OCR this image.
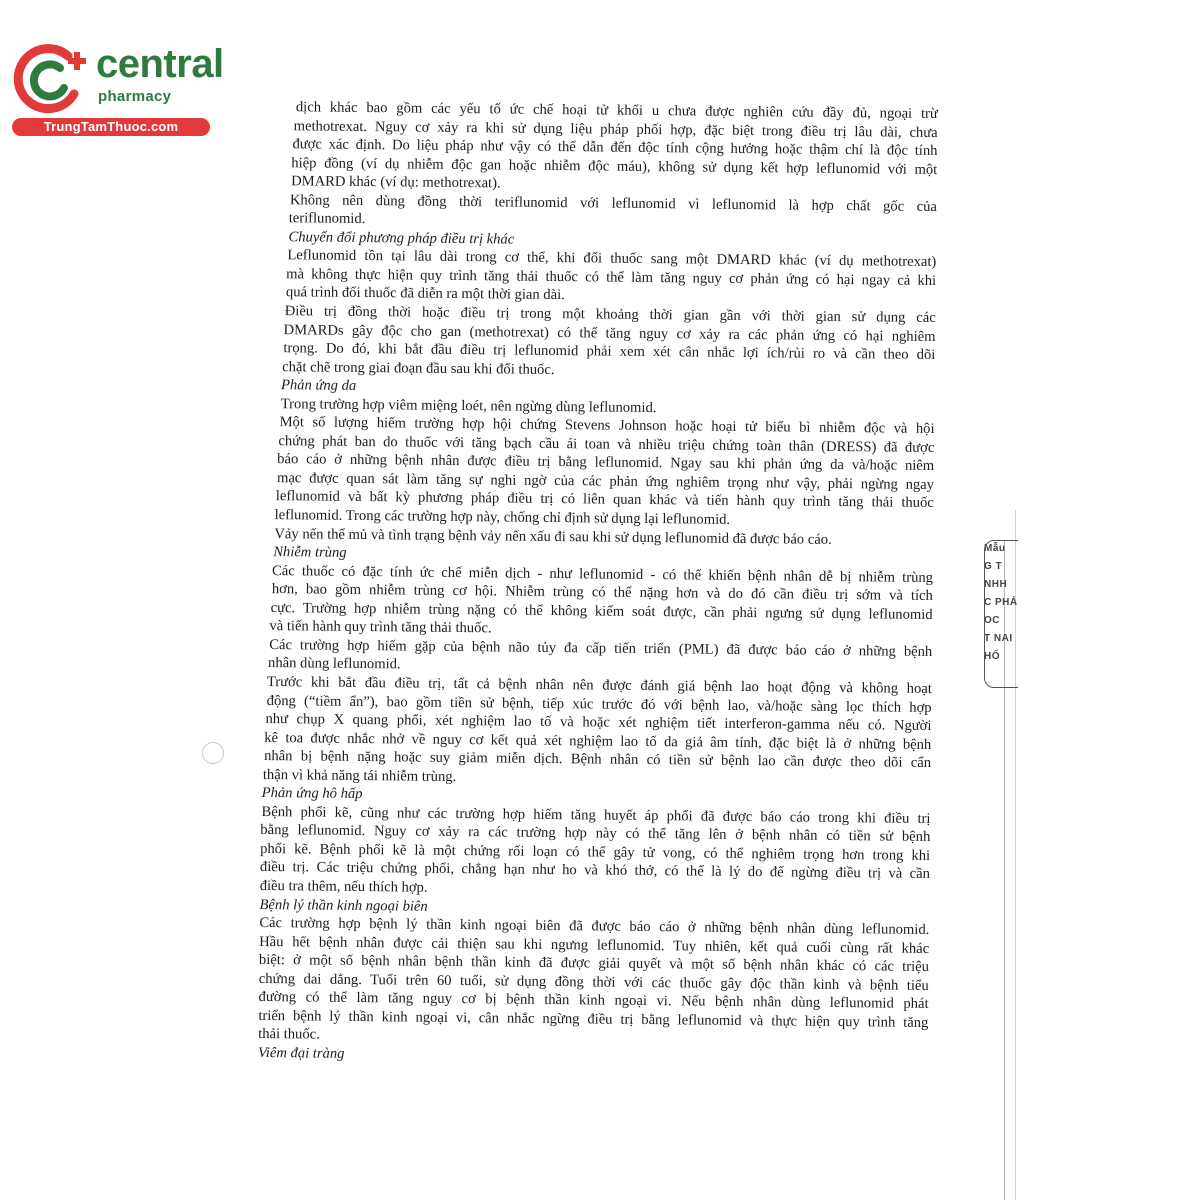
central
pharmacy
TrungTamThuoc.com
dịch khác bao gồm các yếu tố ức chế hoại tử khối u chưa được nghiên cứu đầy đủ, ngoại trừ
methotrexat. Nguy cơ xảy ra khi sử dụng liệu pháp phối hợp, đặc biệt trong điều trị lâu dài, chưa
được xác định. Do liệu pháp như vậy có thể dẫn đến độc tính cộng hưởng hoặc thậm chí là độc tính
hiệp đồng (ví dụ nhiễm độc gan hoặc nhiễm độc máu), không sử dụng kết hợp leflunomid với một
DMARD khác (ví dụ: methotrexat).
Không nên dùng đồng thời teriflunomid với leflunomid vì leflunomid là hợp chất gốc của
teriflunomid.
Chuyển đổi phương pháp điều trị khác
Leflunomid tồn tại lâu dài trong cơ thể, khi đổi thuốc sang một DMARD khác (ví dụ methotrexat)
mà không thực hiện quy trình tăng thải thuốc có thể làm tăng nguy cơ phản ứng có hại ngay cả khi
quá trình đổi thuốc đã diễn ra một thời gian dài.
Điều trị đồng thời hoặc điều trị trong một khoảng thời gian gần với thời gian sử dụng các
DMARDs gây độc cho gan (methotrexat) có thể tăng nguy cơ xảy ra các phản ứng có hại nghiêm
trọng. Do đó, khi bắt đầu điều trị leflunomid phải xem xét cân nhắc lợi ích/rủi ro và cần theo dõi
chặt chẽ trong giai đoạn đầu sau khi đổi thuốc.
Phản ứng da
Trong trường hợp viêm miệng loét, nên ngừng dùng leflunomid.
Một số lượng hiếm trường hợp hội chứng Stevens Johnson hoặc hoại tử biểu bì nhiễm độc và hội
chứng phát ban do thuốc với tăng bạch cầu ái toan và nhiều triệu chứng toàn thân (DRESS) đã được
báo cáo ở những bệnh nhân được điều trị bằng leflunomid. Ngay sau khi phản ứng da và/hoặc niêm
mạc được quan sát làm tăng sự nghi ngờ của các phản ứng nghiêm trọng như vậy, phải ngừng ngay
leflunomid và bất kỳ phương pháp điều trị có liên quan khác và tiến hành quy trình tăng thải thuốc
leflunomid. Trong các trường hợp này, chống chỉ định sử dụng lại leflunomid.
Vảy nến thể mủ và tình trạng bệnh vảy nến xấu đi sau khi sử dụng leflunomid đã được báo cáo.
Nhiễm trùng
Các thuốc có đặc tính ức chế miễn dịch - như leflunomid - có thể khiến bệnh nhân dễ bị nhiễm trùng
hơn, bao gồm nhiễm trùng cơ hội. Nhiễm trùng có thể nặng hơn và do đó cần điều trị sớm và tích
cực. Trường hợp nhiễm trùng nặng có thể không kiểm soát được, cần phải ngưng sử dụng leflunomid
và tiến hành quy trình tăng thải thuốc.
Các trường hợp hiếm gặp của bệnh não tủy đa cấp tiến triển (PML) đã được báo cáo ở những bệnh
nhân dùng leflunomid.
Trước khi bắt đầu điều trị, tất cả bệnh nhân nên được đánh giá bệnh lao hoạt động và không hoạt
động (“tiềm ẩn”), bao gồm tiền sử bệnh, tiếp xúc trước đó với bệnh lao, và/hoặc sàng lọc thích hợp
như chụp X quang phổi, xét nghiệm lao tố và hoặc xét nghiệm tiết interferon-gamma nếu có. Người
kê toa được nhắc nhở về nguy cơ kết quả xét nghiệm lao tố da giả âm tính, đặc biệt là ở những bệnh
nhân bị bệnh nặng hoặc suy giảm miễn dịch. Bệnh nhân có tiền sử bệnh lao cần được theo dõi cẩn
thận vì khả năng tái nhiễm trùng.
Phản ứng hô hấp
Bệnh phổi kẽ, cũng như các trường hợp hiếm tăng huyết áp phổi đã được báo cáo trong khi điều trị
bằng leflunomid. Nguy cơ xảy ra các trường hợp này có thể tăng lên ở bệnh nhân có tiền sử bệnh
phổi kẽ. Bệnh phổi kẽ là một chứng rối loạn có thể gây tử vong, có thể nghiêm trọng hơn trong khi
điều trị. Các triệu chứng phổi, chẳng hạn như ho và khó thở, có thể là lý do để ngừng điều trị và cần
điều tra thêm, nếu thích hợp.
Bệnh lý thần kinh ngoại biên
Các trường hợp bệnh lý thần kinh ngoại biên đã được báo cáo ở những bệnh nhân dùng leflunomid.
Hầu hết bệnh nhân được cải thiện sau khi ngưng leflunomid. Tuy nhiên, kết quả cuối cùng rất khác
biệt: ở một số bệnh nhân bệnh thần kinh đã được giải quyết và một số bệnh nhân khác có các triệu
chứng dai dẳng. Tuổi trên 60 tuổi, sử dụng đồng thời với các thuốc gây độc thần kinh và bệnh tiểu
đường có thể làm tăng nguy cơ bị bệnh thần kinh ngoại vi. Nếu bệnh nhân dùng leflunomid phát
triển bệnh lý thần kinh ngoại vi, cân nhắc ngừng điều trị bằng leflunomid và thực hiện quy trình tăng
thải thuốc.
Viêm đại tràng
Mẫu
G T
NHH
C PHẢ
OC
T NAI
HỐ
